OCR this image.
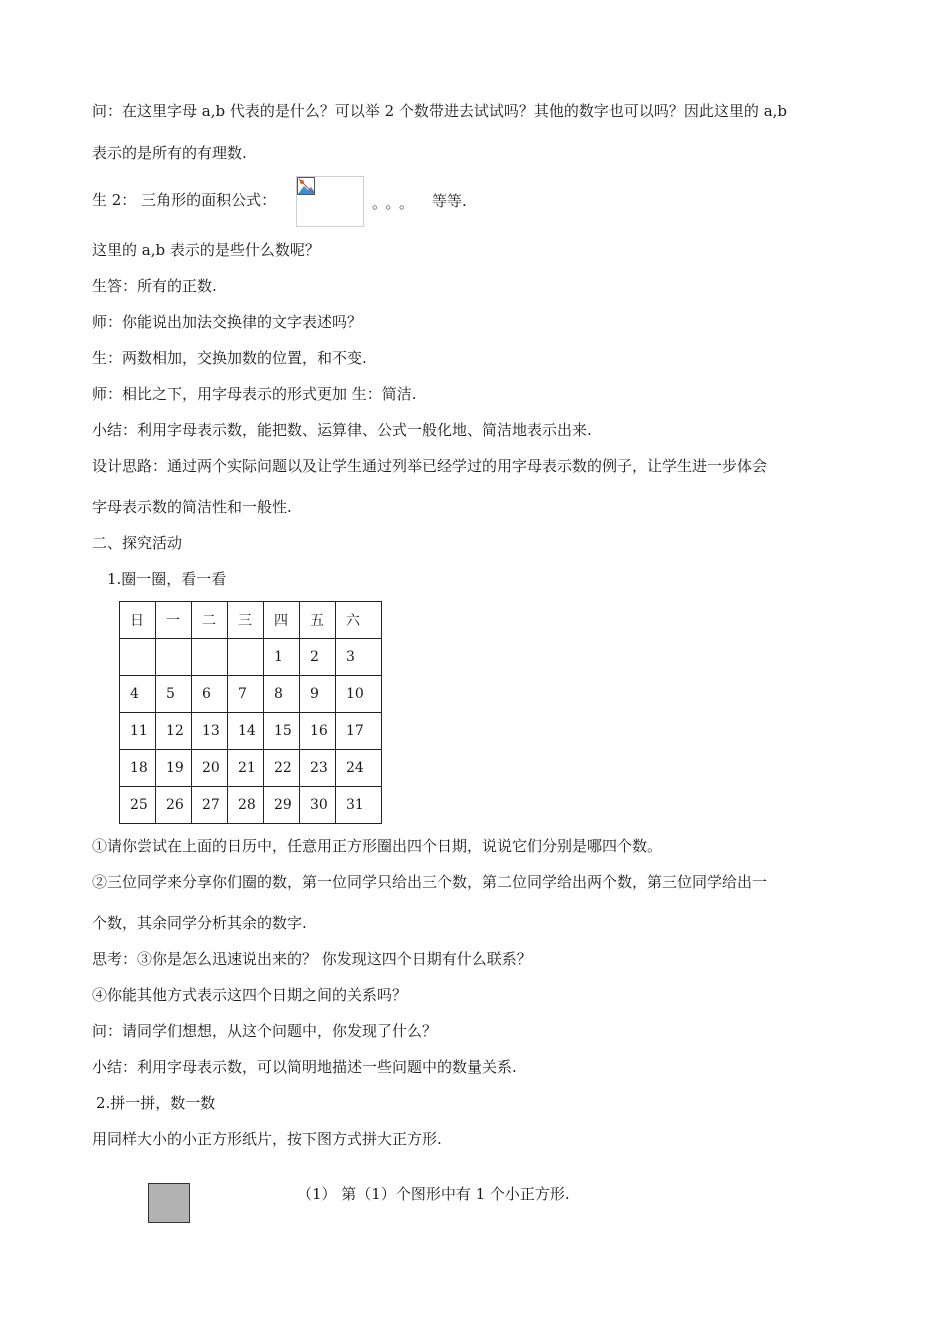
问：在这里字母 a,b 代表的是什么？可以举 2 个数带进去试试吗？其他的数字也可以吗？因此这里的 a,b
表示的是所有的有理数.
生 2： 三角形的面积公式：	。。。 等等.
这里的 a,b 表示的是些什么数呢？
生答：所有的正数.
师：你能说出加法交换律的文字表述吗？
生：两数相加，交换加数的位置，和不变.
师：相比之下，用字母表示的形式更加 生：简洁.
小结：利用字母表示数，能把数、运算律、公式一般化地、简洁地表示出来.
设计思路：通过两个实际问题以及让学生通过列举已经学过的用字母表示数的例子，让学生进一步体会
字母表示数的简洁性和一般性.
二、探究活动
1.圈一圈，看一看
日	一	二	三	四	五	六
				1	2	3
4	5	6	7	8	9	10
11	12	13	14	15	16	17
18	19	20	21	22	23	24
25	26	27	28	29	30	31
①请你尝试在上面的日历中，任意用正方形圈出四个日期，说说它们分别是哪四个数。
②三位同学来分享你们圈的数，第一位同学只给出三个数，第二位同学给出两个数，第三位同学给出一
个数，其余同学分析其余的数字.
思考：③你是怎么迅速说出来的？ 你发现这四个日期有什么联系？
④你能其他方式表示这四个日期之间的关系吗？
问：请同学们想想，从这个问题中，你发现了什么？
小结：利用字母表示数，可以简明地描述一些问题中的数量关系.
2.拼一拼，数一数
用同样大小的小正方形纸片，按下图方式拼大正方形.
（1） 第（1）个图形中有 1 个小正方形.
